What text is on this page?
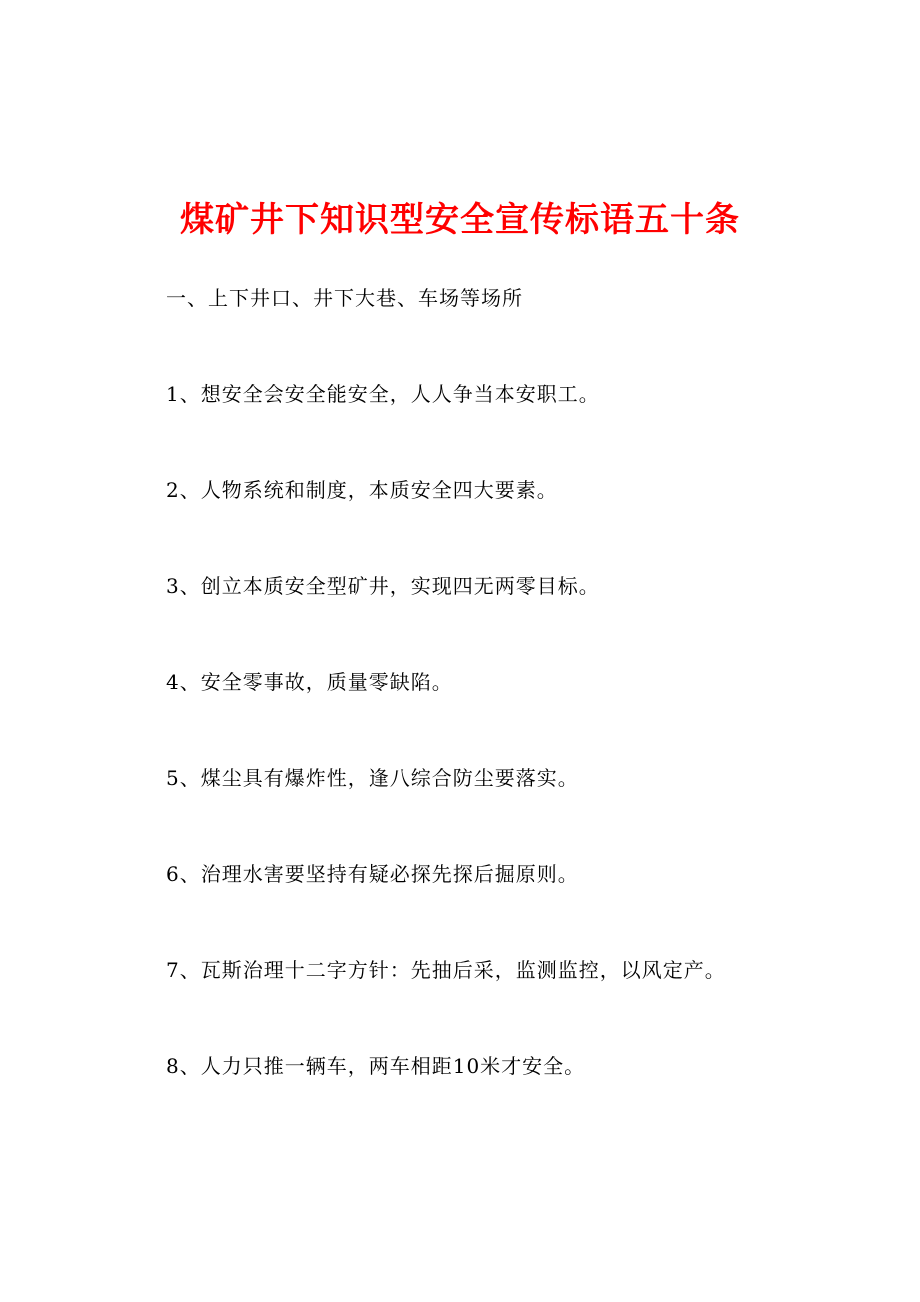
煤矿井下知识型安全宣传标语五十条
一、上下井口、井下大巷、车场等场所
1、想安全会安全能安全，人人争当本安职工。
2、人物系统和制度，本质安全四大要素。
3、创立本质安全型矿井，实现四无两零目标。
4、安全零事故，质量零缺陷。
5、煤尘具有爆炸性，逢八综合防尘要落实。
6、治理水害要坚持有疑必探先探后掘原则。
7、瓦斯治理十二字方针：先抽后采，监测监控，以风定产。
8、人力只推一辆车，两车相距10米才安全。
